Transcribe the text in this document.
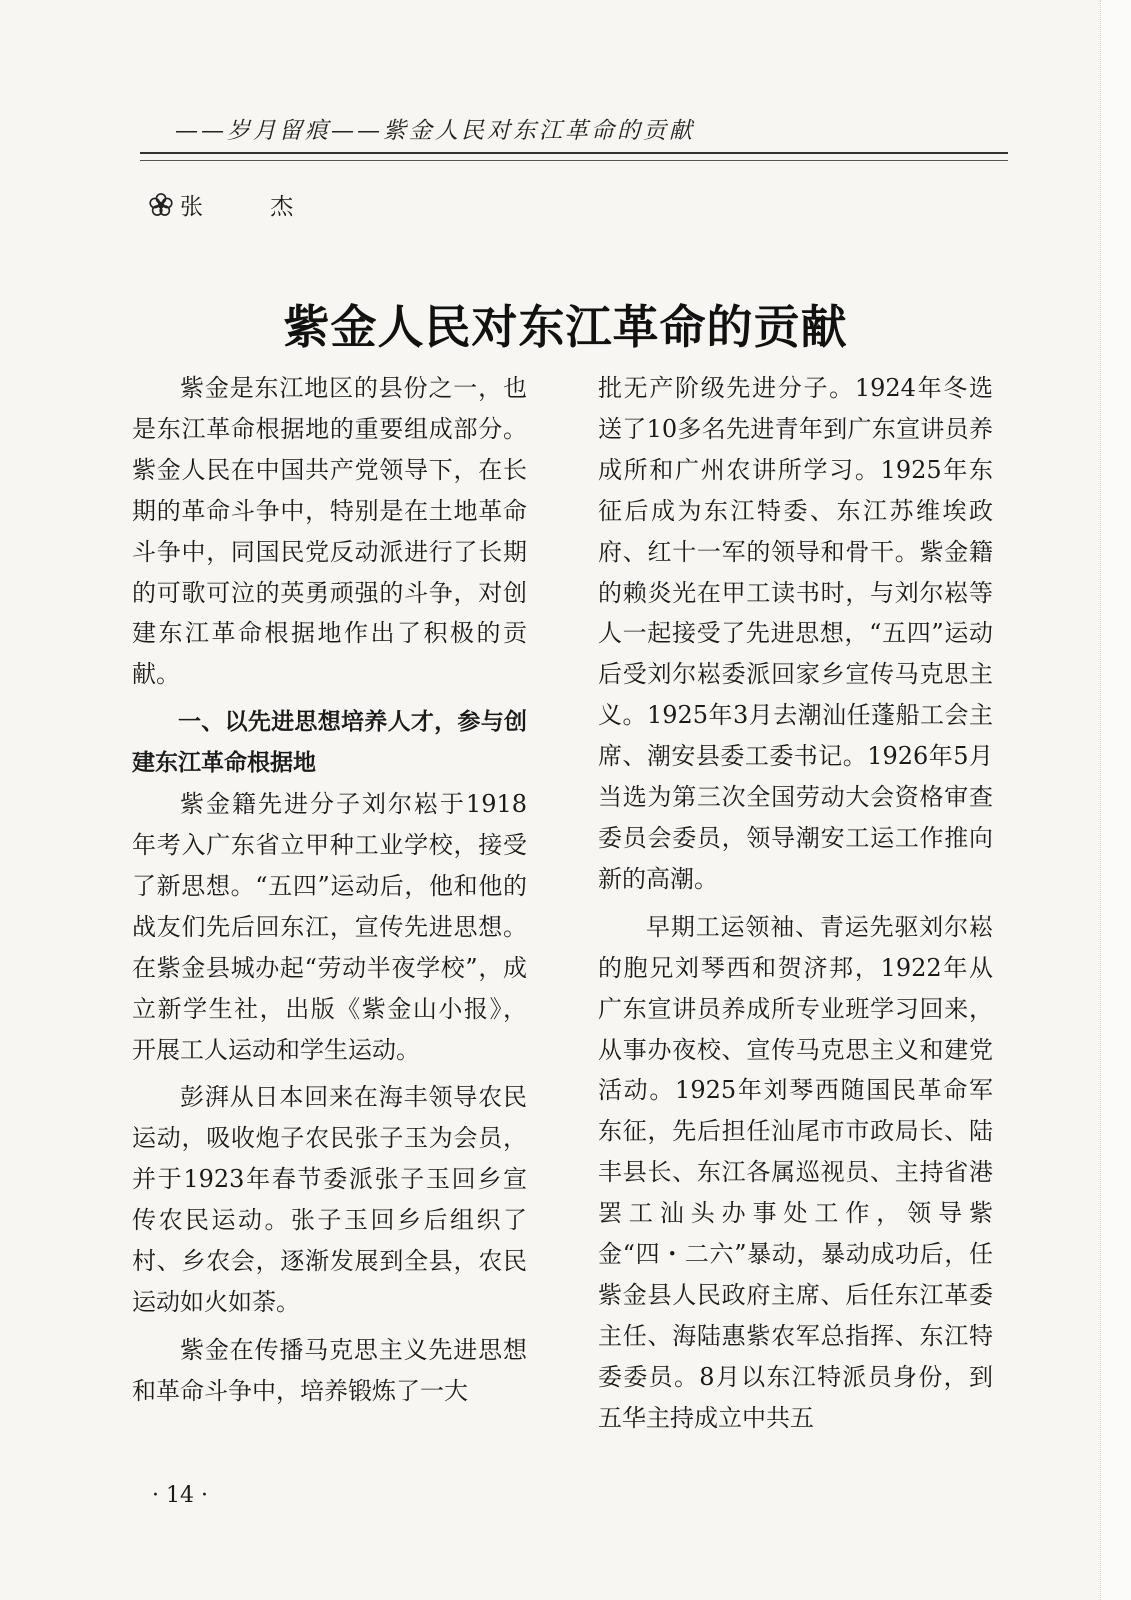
——岁月留痕——紫金人民对东江革命的贡献
张 杰
紫金人民对东江革命的贡献

紫金是东江地区的县份之一，也是东江革命根据地的重要组成部分。紫金人民在中国共产党领导下，在长期的革命斗争中，特别是在土地革命斗争中，同国民党反动派进行了长期的可歌可泣的英勇顽强的斗争，对创建东江革命根据地作出了积极的贡献。

一、以先进思想培养人才，参与创建东江革命根据地

紫金籍先进分子刘尔崧于1918年考入广东省立甲种工业学校，接受了新思想。“五四”运动后，他和他的战友们先后回东江，宣传先进思想。在紫金县城办起“劳动半夜学校”，成立新学生社，出版《紫金山小报》，开展工人运动和学生运动。

彭湃从日本回来在海丰领导农民运动，吸收炮子农民张子玉为会员，并于1923年春节委派张子玉回乡宣传农民运动。张子玉回乡后组织了村、乡农会，逐渐发展到全县，农民运动如火如荼。

紫金在传播马克思主义先进思想和革命斗争中，培养锻炼了一大

批无产阶级先进分子。1924年冬选送了10多名先进青年到广东宣讲员养成所和广州农讲所学习。1925年东征后成为东江特委、东江苏维埃政府、红十一军的领导和骨干。紫金籍的赖炎光在甲工读书时，与刘尔崧等人一起接受了先进思想，“五四”运动后受刘尔崧委派回家乡宣传马克思主义。1925年3月去潮汕任蓬船工会主席、潮安县委工委书记。1926年5月当选为第三次全国劳动大会资格审查委员会委员，领导潮安工运工作推向新的高潮。

早期工运领袖、青运先驱刘尔崧的胞兄刘琴西和贺济邦，1922年从广东宣讲员养成所专业班学习回来，从事办夜校、宣传马克思主义和建党活动。1925年刘琴西随国民革命军东征，先后担任汕尾市市政局长、陆丰县长、东江各属巡视员、主持省港罢工汕头办事处工作，领导紫金“四・二六”暴动，暴动成功后，任紫金县人民政府主席、后任东江革委主任、海陆惠紫农军总指挥、东江特委委员。8月以东江特派员身份，到五华主持成立中共五

· 14 ·
